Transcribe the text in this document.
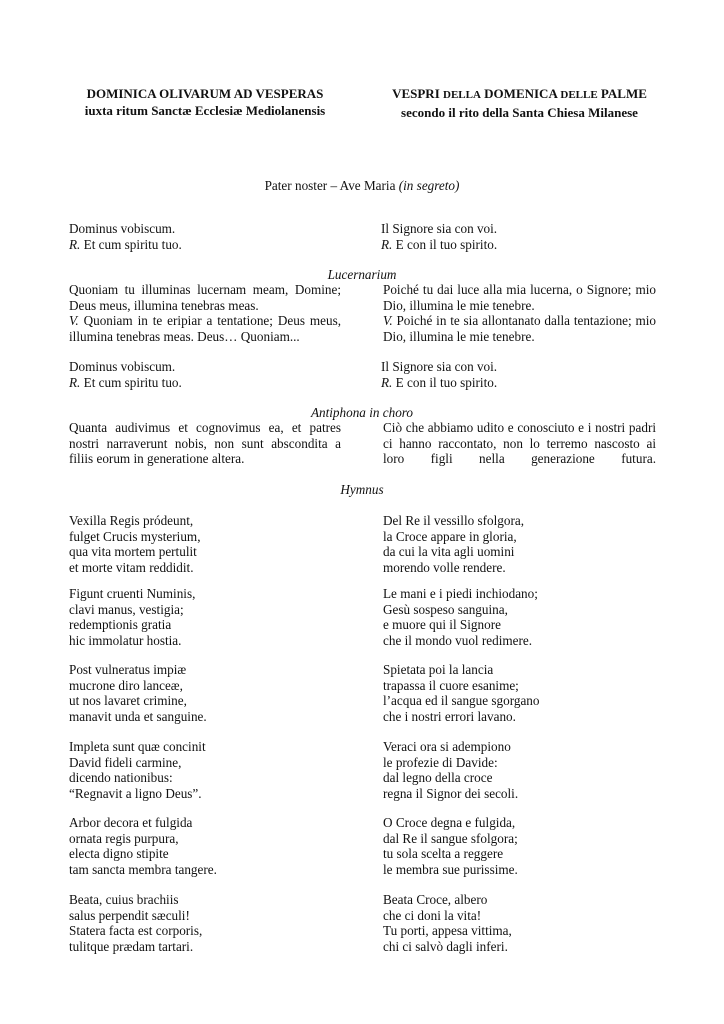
DOMINICA OLIVARUM AD VESPERAS
iuxta ritum Sanctæ Ecclesiæ Mediolanensis
VESPRI DELLA DOMENICA DELLE PALME
secondo il rito della Santa Chiesa Milanese
Pater noster – Ave Maria (in segreto)
Dominus vobiscum.
R. Et cum spiritu tuo.
Il Signore sia con voi.
R. E con il tuo spirito.
Lucernarium
Quoniam tu illuminas lucernam meam, Domine; Deus meus, illumina tenebras meas.
V. Quoniam in te eripiar a tentatione; Deus meus, illumina tenebras meas. Deus… Quoniam...
Poiché tu dai luce alla mia lucerna, o Signore; mio Dio, illumina le mie tenebre.
V. Poiché in te sia allontanato dalla tentazione; mio Dio, illumina le mie tenebre.
Dominus vobiscum.
R. Et cum spiritu tuo.
Il Signore sia con voi.
R. E con il tuo spirito.
Antiphona in choro
Quanta audivimus et cognovimus ea, et patres nostri narraverunt nobis, non sunt abscondita a filiis eorum in generatione altera.
Ciò che abbiamo udito e conosciuto e i nostri padri ci hanno raccontato, non lo terremo nascosto ai loro figli nella generazione futura.
Hymnus
Vexilla Regis pródeunt,
fulget Crucis mysterium,
qua vita mortem pertulit
et morte vitam reddidit.
Del Re il vessillo sfolgora,
la Croce appare in gloria,
da cui la vita agli uomini
morendo volle rendere.
Figunt cruenti Numinis,
clavi manus, vestigia;
redemptionis gratia
hic immolatur hostia.
Le mani e i piedi inchiodano;
Gesù sospeso sanguina,
e muore qui il Signore
che il mondo vuol redimere.
Post vulneratus impiæ
mucrone diro lanceæ,
ut nos lavaret crimine,
manavit unda et sanguine.
Spietata poi la lancia
trapassa il cuore esanime;
l’acqua ed il sangue sgorgano
che i nostri errori lavano.
Impleta sunt quæ concinit
David fideli carmine,
dicendo nationibus:
“Regnavit a ligno Deus”.
Veraci ora si adempiono
le profezie di Davide:
dal legno della croce
regna il Signor dei secoli.
Arbor decora et fulgida
ornata regis purpura,
electa digno stipite
tam sancta membra tangere.
O Croce degna e fulgida,
dal Re il sangue sfolgora;
tu sola scelta a reggere
le membra sue purissime.
Beata, cuius brachiis
salus perpendit sæculi!
Statera facta est corporis,
tulitque prædam tartari.
Beata Croce, albero
che ci doni la vita!
Tu porti, appesa vittima,
chi ci salvò dagli inferi.
